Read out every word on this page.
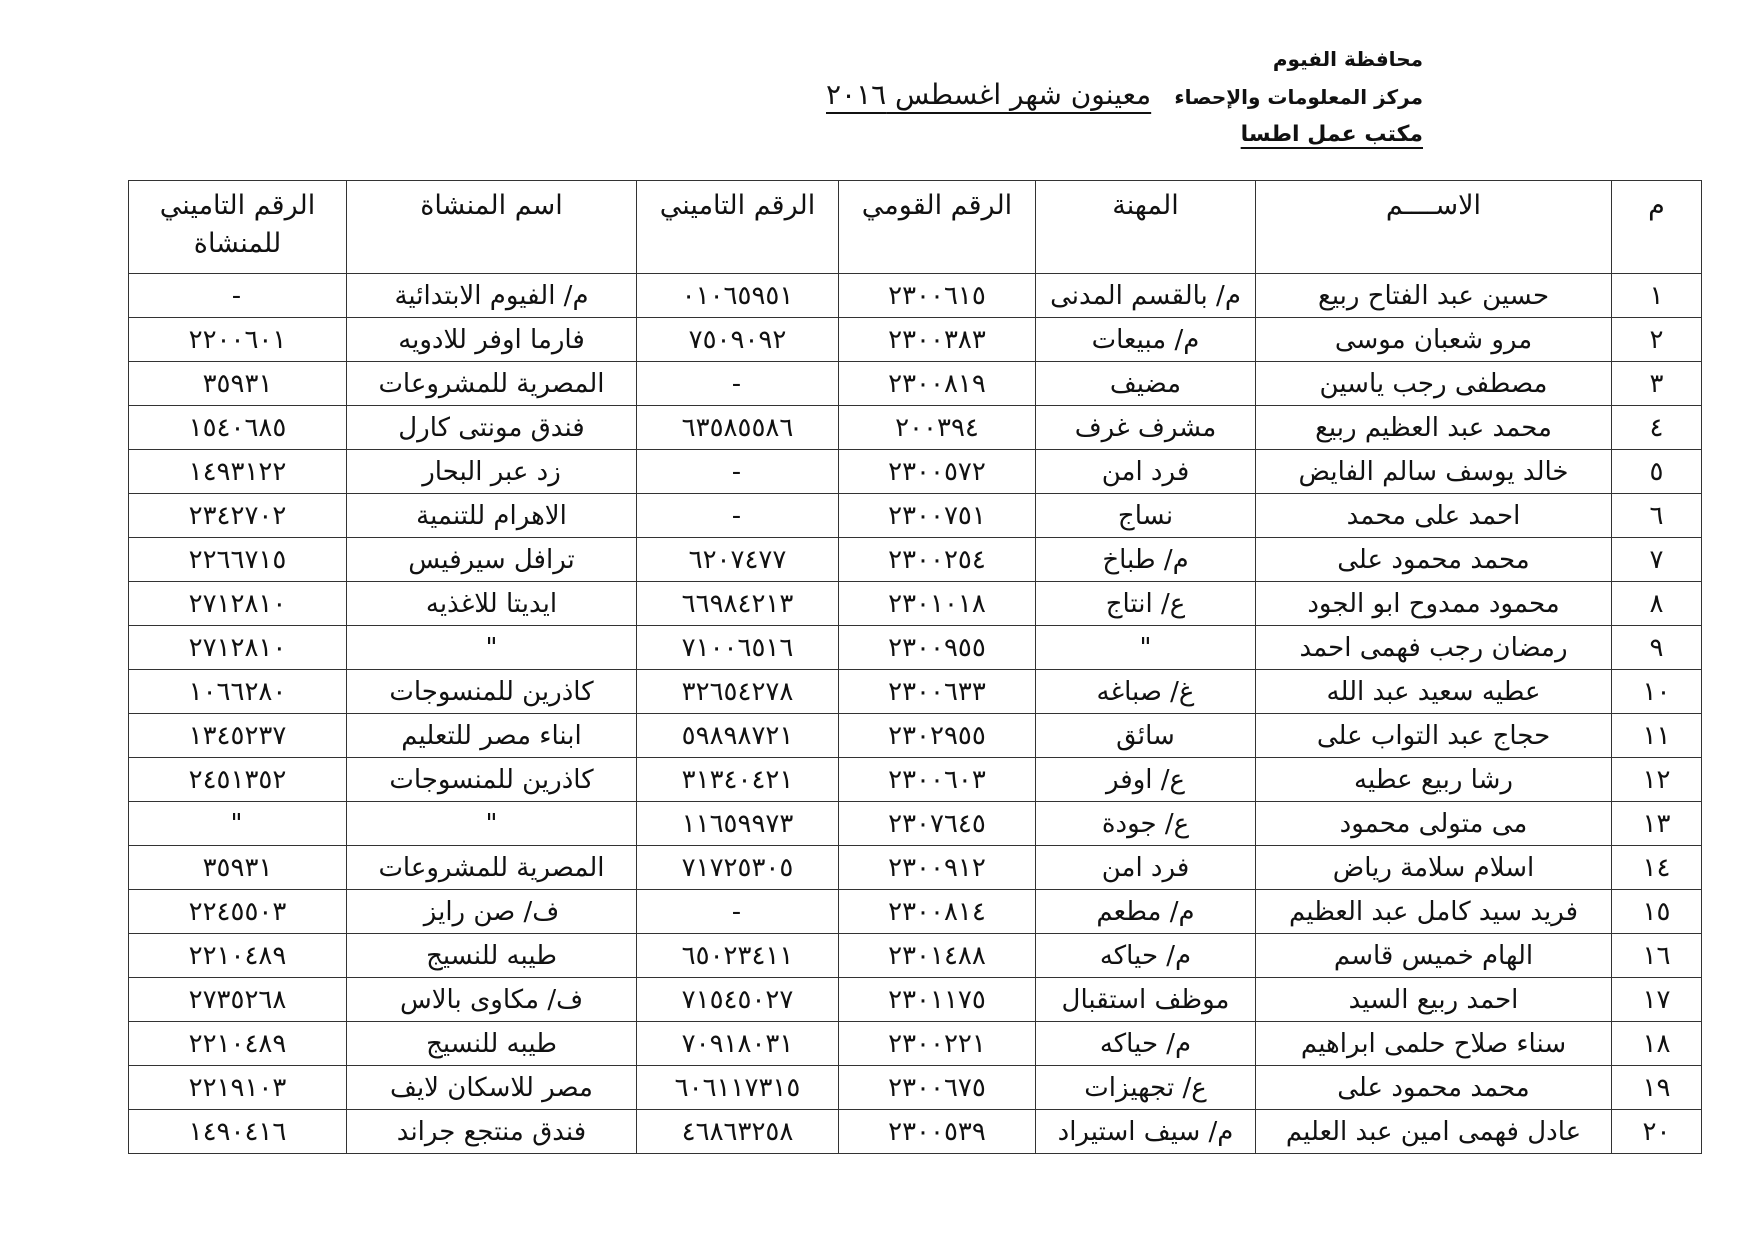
محافظة الفيوم
مركز المعلومات والإحصاء
مكتب عمل اطسا
معينون شهر اغسطس ٢٠١٦
م	الاســــم	المهنة	الرقم القومي	الرقم التاميني	اسم المنشاة	الرقم التاميني للمنشاة
١	حسين عبد الفتاح ربيع	م/ بالقسم المدنى	٢٣٠٠٦١٥	٠١٠٦٥٩٥١	م/ الفيوم الابتدائية	-
٢	مرو شعبان موسى	م/ مبيعات	٢٣٠٠٣٨٣	٧٥٠٩٠٩٢	فارما اوفر للادويه	٢٢٠٠٦٠١
٣	مصطفى رجب ياسين	مضيف	٢٣٠٠٨١٩	-	المصرية للمشروعات	٣٥٩٣١
٤	محمد عبد العظيم ربيع	مشرف غرف	٢٠٠٣٩٤	٦٣٥٨٥٥٨٦	فندق مونتى كارل	١٥٤٠٦٨٥
٥	خالد يوسف سالم الفايض	فرد امن	٢٣٠٠٥٧٢	-	زد عبر البحار	١٤٩٣١٢٢
٦	احمد على محمد	نساج	٢٣٠٠٧٥١	-	الاهرام للتنمية	٢٣٤٢٧٠٢
٧	محمد محمود على	م/ طباخ	٢٣٠٠٢٥٤	٦٢٠٧٤٧٧	ترافل سيرفيس	٢٢٦٦٧١٥
٨	محمود ممدوح ابو الجود	ع/ انتاج	٢٣٠١٠١٨	٦٦٩٨٤٢١٣	ايديتا للاغذيه	٢٧١٢٨١٠
٩	رمضان رجب فهمى احمد	"	٢٣٠٠٩٥٥	٧١٠٠٦٥١٦	"	٢٧١٢٨١٠
١٠	عطيه سعيد عبد الله	غ/ صباغه	٢٣٠٠٦٣٣	٣٢٦٥٤٢٧٨	كاذرين للمنسوجات	١٠٦٦٢٨٠
١١	حجاج عبد التواب على	سائق	٢٣٠٢٩٥٥	٥٩٨٩٨٧٢١	ابناء مصر للتعليم	١٣٤٥٢٣٧
١٢	رشا ربيع عطيه	ع/ اوفر	٢٣٠٠٦٠٣	٣١٣٤٠٤٢١	كاذرين للمنسوجات	٢٤٥١٣٥٢
١٣	مى متولى محمود	ع/ جودة	٢٣٠٧٦٤٥	١١٦٥٩٩٧٣	"	"
١٤	اسلام سلامة رياض	فرد امن	٢٣٠٠٩١٢	٧١٧٢٥٣٠٥	المصرية للمشروعات	٣٥٩٣١
١٥	فريد سيد كامل عبد العظيم	م/ مطعم	٢٣٠٠٨١٤	-	ف/ صن رايز	٢٢٤٥٥٠٣
١٦	الهام خميس قاسم	م/ حياكه	٢٣٠١٤٨٨	٦٥٠٢٣٤١١	طيبه للنسيج	٢٢١٠٤٨٩
١٧	احمد ربيع السيد	موظف استقبال	٢٣٠١١٧٥	٧١٥٤٥٠٢٧	ف/ مكاوى بالاس	٢٧٣٥٢٦٨
١٨	سناء صلاح حلمى ابراهيم	م/ حياكه	٢٣٠٠٢٢١	٧٠٩١٨٠٣١	طيبه للنسيج	٢٢١٠٤٨٩
١٩	محمد محمود على	ع/ تجهيزات	٢٣٠٠٦٧٥	٦٠٦١١٧٣١٥	مصر للاسكان لايف	٢٢١٩١٠٣
٢٠	عادل فهمى امين عبد العليم	م/ سيف استيراد	٢٣٠٠٥٣٩	٤٦٨٦٣٢٥٨	فندق منتجع جراند	١٤٩٠٤١٦
